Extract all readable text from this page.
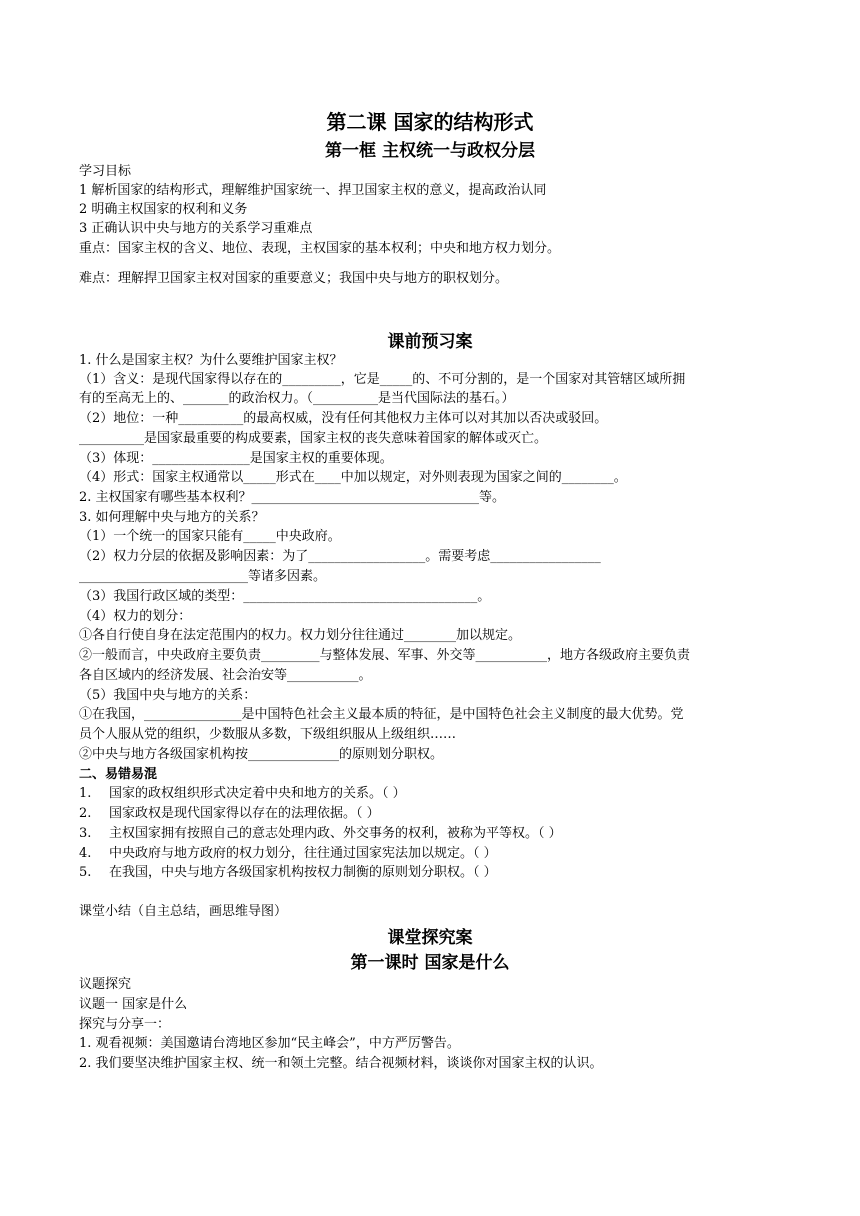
第二课 国家的结构形式
第一框 主权统一与政权分层
学习目标
1 解析国家的结构形式，理解维护国家统一、捍卫国家主权的意义，提高政治认同
2 明确主权国家的权利和义务
3 正确认识中央与地方的关系学习重难点
重点：国家主权的含义、地位、表现，主权国家的基本权利；中央和地方权力划分。
难点：理解捍卫国家主权对国家的重要意义；我国中央与地方的职权划分。
课前预习案
1. 什么是国家主权？为什么要维护国家主权？
（1）含义：是现代国家得以存在的_________，它是_____的、不可分割的，是一个国家对其管辖区域所拥
有的至高无上的、_______的政治权力。（__________是当代国际法的基石。）
（2）地位：一种__________的最高权威，没有任何其他权力主体可以对其加以否决或驳回。
__________是国家最重要的构成要素，国家主权的丧失意味着国家的解体或灭亡。
（3）体现：_______________是国家主权的重要体现。
（4）形式：国家主权通常以_____形式在____中加以规定，对外则表现为国家之间的________。
2. 主权国家有哪些基本权利？___________________________________等。
3. 如何理解中央与地方的关系？
（1）一个统一的国家只能有_____中央政府。
（2）权力分层的依据及影响因素：为了__________________。需要考虑_________________
__________________________等诸多因素。
（3）我国行政区域的类型：____________________________________。
（4）权力的划分：
①各自行使自身在法定范围内的权力。权力划分往往通过________加以规定。
②一般而言，中央政府主要负责_________与整体发展、军事、外交等___________，地方各级政府主要负责
各自区域内的经济发展、社会治安等___________。
（5）我国中央与地方的关系：
①在我国，_______________是中国特色社会主义最本质的特征，是中国特色社会主义制度的最大优势。党
员个人服从党的组织，少数服从多数，下级组织服从上级组织……
②中央与地方各级国家机构按______________的原则划分职权。
二、易错易混
1. 国家的政权组织形式决定着中央和地方的关系。（ ）
2. 国家政权是现代国家得以存在的法理依据。（ ）
3. 主权国家拥有按照自己的意志处理内政、外交事务的权利，被称为平等权。（ ）
4. 中央政府与地方政府的权力划分，往往通过国家宪法加以规定。（ ）
5. 在我国，中央与地方各级国家机构按权力制衡的原则划分职权。（ ）
课堂小结（自主总结，画思维导图）
课堂探究案
第一课时 国家是什么
议题探究
议题一 国家是什么
探究与分享一：
1. 观看视频：美国邀请台湾地区参加“民主峰会”，中方严厉警告。
2. 我们要坚决维护国家主权、统一和领土完整。结合视频材料，谈谈你对国家主权的认识。
